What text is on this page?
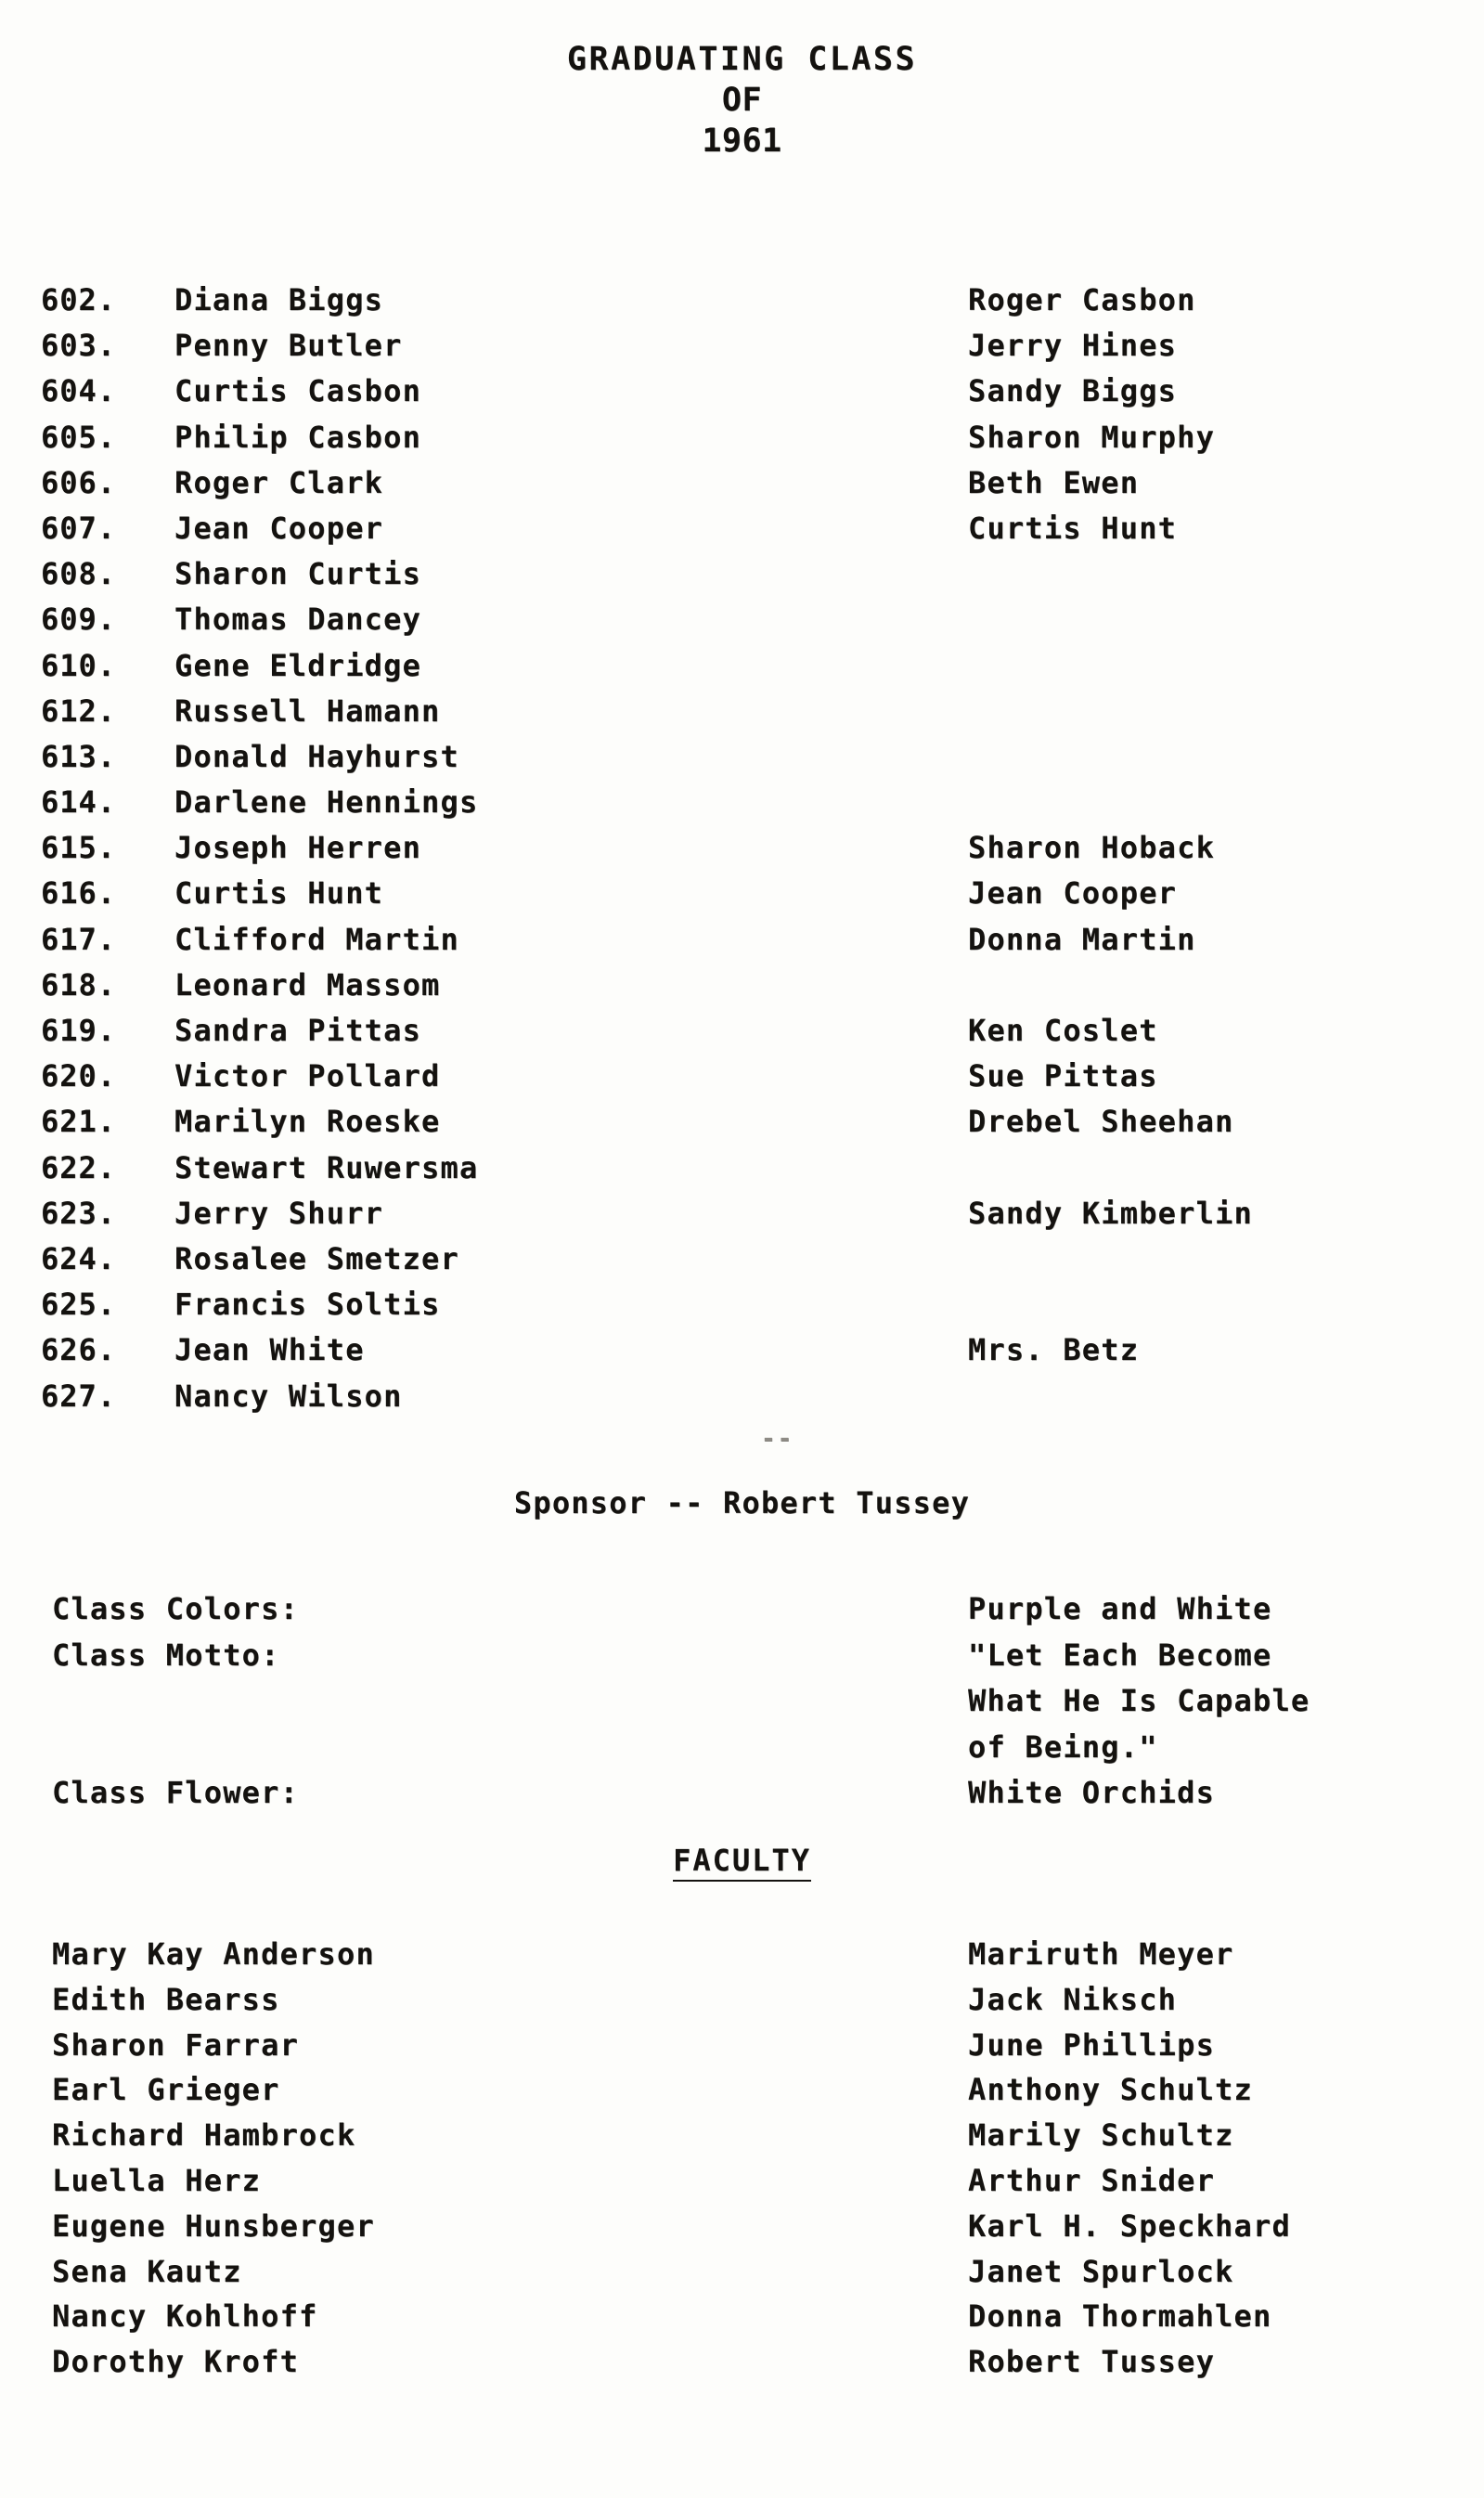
GRADUATING CLASS
OF
1961
602. Diana Biggs	Roger Casbon
603. Penny Butler	Jerry Hines
604. Curtis Casbon	Sandy Biggs
605. Philip Casbon	Sharon Murphy
606. Roger Clark	Beth Ewen
607. Jean Cooper	Curtis Hunt
608. Sharon Curtis
609. Thomas Dancey
610. Gene Eldridge
612. Russell Hamann
613. Donald Hayhurst
614. Darlene Hennings
615. Joseph Herren	Sharon Hoback
616. Curtis Hunt	Jean Cooper
617. Clifford Martin	Donna Martin
618. Leonard Massom
619. Sandra Pittas	Ken Coslet
620. Victor Pollard	Sue Pittas
621. Marilyn Roeske	Drebel Sheehan
622. Stewart Ruwersma
623. Jerry Shurr	Sandy Kimberlin
624. Rosalee Smetzer
625. Francis Soltis
626. Jean White	Mrs. Betz
627. Nancy Wilson
--
Sponsor -- Robert Tussey
Class Colors:	Purple and White
Class Motto:	"Let Each Become
What He Is Capable
of Being."
Class Flower:	White Orchids
FACULTY
Mary Kay Anderson	Mariruth Meyer
Edith Bearss	Jack Niksch
Sharon Farrar	June Phillips
Earl Grieger	Anthony Schultz
Richard Hambrock	Marily Schultz
Luella Herz	Arthur Snider
Eugene Hunsberger	Karl H. Speckhard
Sena Kautz	Janet Spurlock
Nancy Kohlhoff	Donna Thormahlen
Dorothy Kroft	Robert Tussey
